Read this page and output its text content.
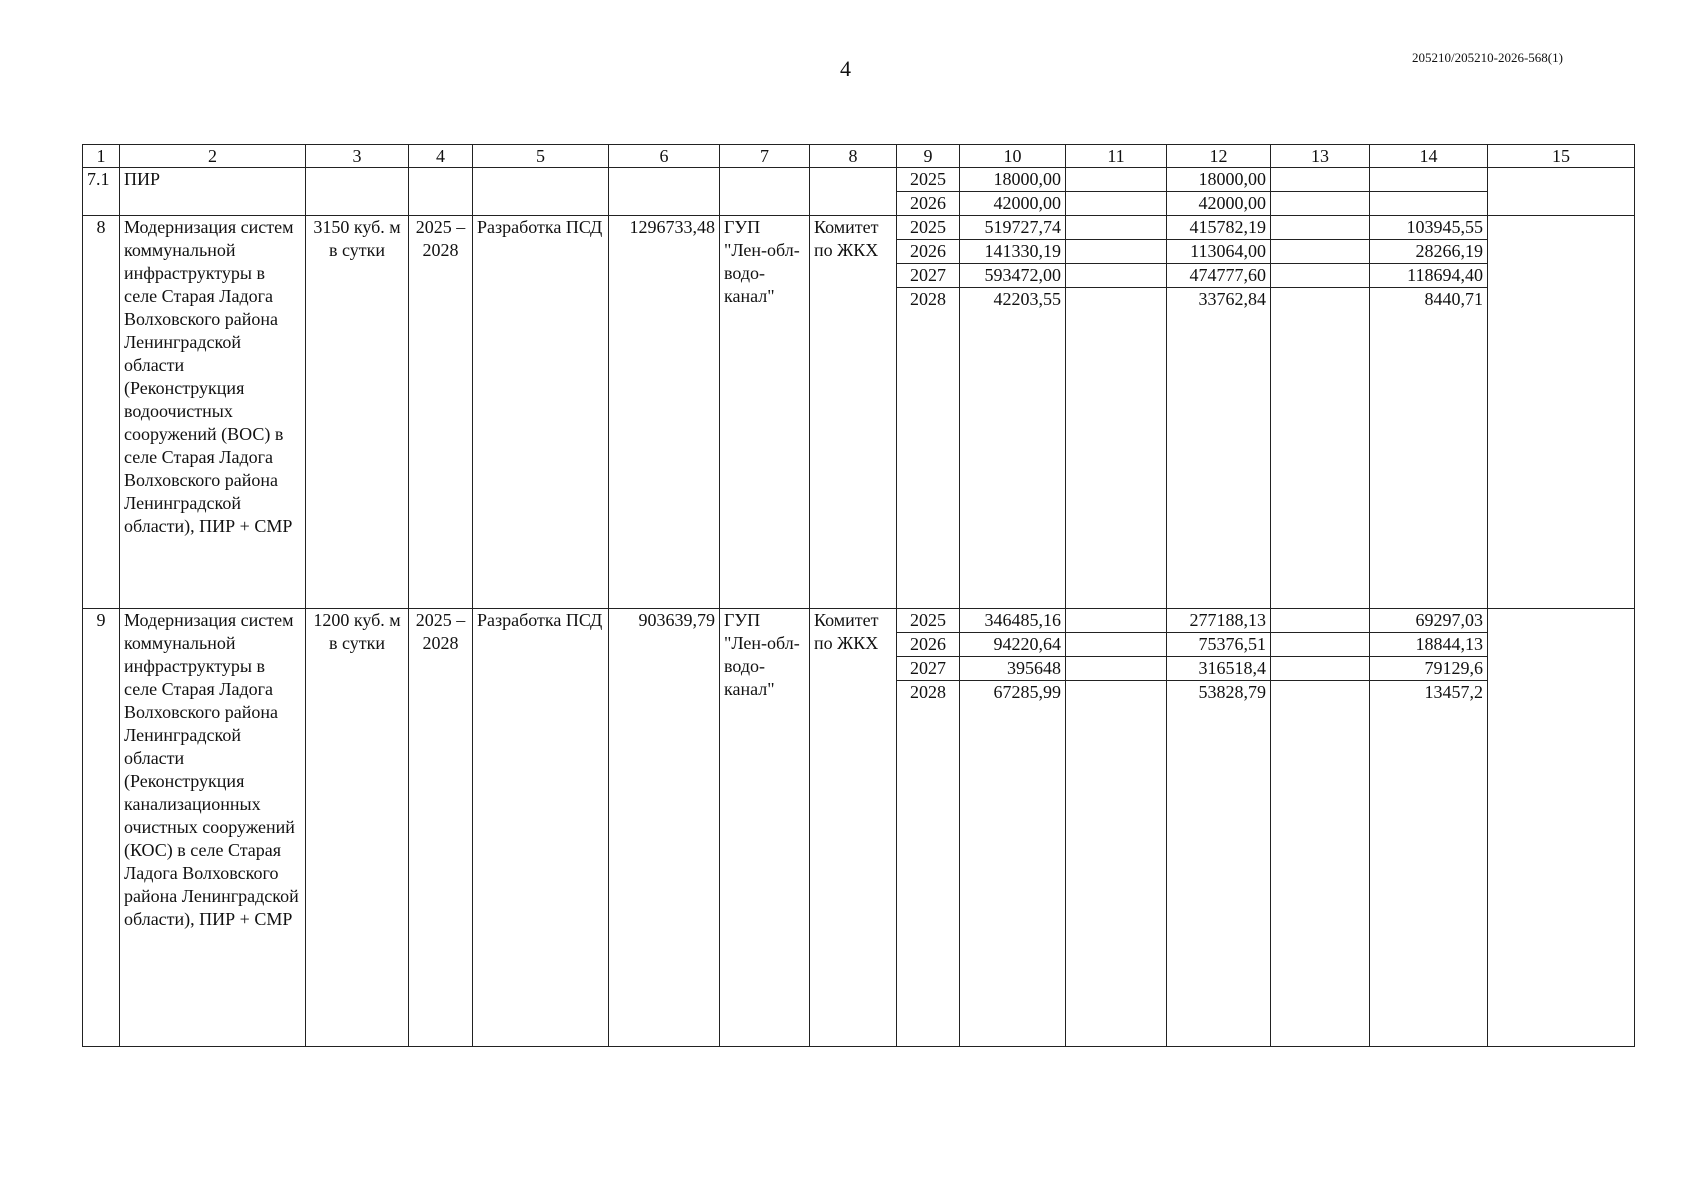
4	205210/205210-2026-568(1)
1	2	3	4	5	6	7	8	9	10	11	12	13	14	15
7.1	ПИР							2025	18000,00		18000,00			
								2026	42000,00		42000,00			
8	Модернизация систем коммунальной инфраструктуры в селе Старая Ладога Волховского района Ленинградской области (Реконструкция водоочистных сооружений (ВОС) в селе Старая Ладога Волховского района Ленинградской области), ПИР + СМР	3150 куб. м в сутки	2025 – 2028	Разработка ПСД	1296733,48	ГУП "Лен-обл-водо-канал"	Комитет по ЖКХ	2025	519727,74		415782,19		103945,55	
								2026	141330,19		113064,00		28266,19	
								2027	593472,00		474777,60		118694,40	
								2028	42203,55		33762,84		8440,71	
9	Модернизация систем коммунальной инфраструктуры в селе Старая Ладога Волховского района Ленинградской области (Реконструкция канализационных очистных сооружений (КОС) в селе Старая Ладога Волховского района Ленинградской области), ПИР + СМР	1200 куб. м в сутки	2025 – 2028	Разработка ПСД	903639,79	ГУП "Лен-обл-водо-канал"	Комитет по ЖКХ	2025	346485,16		277188,13		69297,03	
								2026	94220,64		75376,51		18844,13	
								2027	395648		316518,4		79129,6	
								2028	67285,99		53828,79		13457,2	
